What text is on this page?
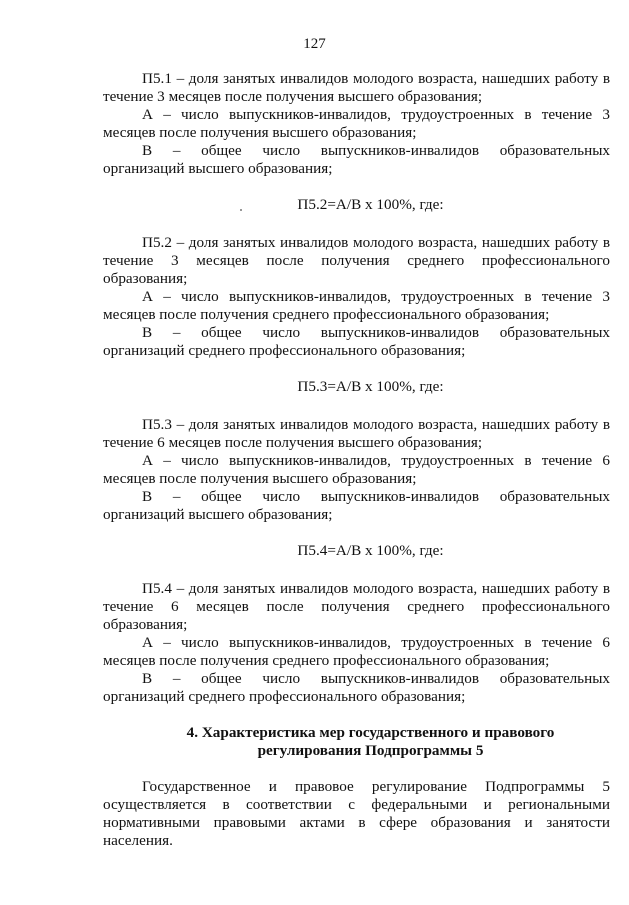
127

П5.1 – доля занятых инвалидов молодого возраста, нашедших работу в течение 3 месяцев после получения высшего образования;

А – число выпускников-инвалидов, трудоустроенных в течение 3 месяцев после получения высшего образования;

В – общее число выпускников-инвалидов образовательных организаций высшего образования;

П5.2=А/В х 100%, где:

П5.2 – доля занятых инвалидов молодого возраста, нашедших работу в течение 3 месяцев после получения среднего профессионального образования;

А – число выпускников-инвалидов, трудоустроенных в течение 3 месяцев после получения среднего профессионального образования;

В – общее число выпускников-инвалидов образовательных организаций среднего профессионального образования;

П5.3=А/В х 100%, где:

П5.3 – доля занятых инвалидов молодого возраста, нашедших работу в течение 6 месяцев после получения высшего образования;

А – число выпускников-инвалидов, трудоустроенных в течение 6 месяцев после получения высшего образования;

В – общее число выпускников-инвалидов образовательных организаций высшего образования;

П5.4=А/В х 100%, где:

П5.4 – доля занятых инвалидов молодого возраста, нашедших работу в течение 6 месяцев после получения среднего профессионального образования;

А – число выпускников-инвалидов, трудоустроенных в течение 6 месяцев после получения среднего профессионального образования;

В – общее число выпускников-инвалидов образовательных организаций среднего профессионального образования;

4. Характеристика мер государственного и правового
регулирования Подпрограммы 5

Государственное и правовое регулирование Подпрограммы 5 осуществляется в соответствии с федеральными и региональными нормативными правовыми актами в сфере образования и занятости населения.
